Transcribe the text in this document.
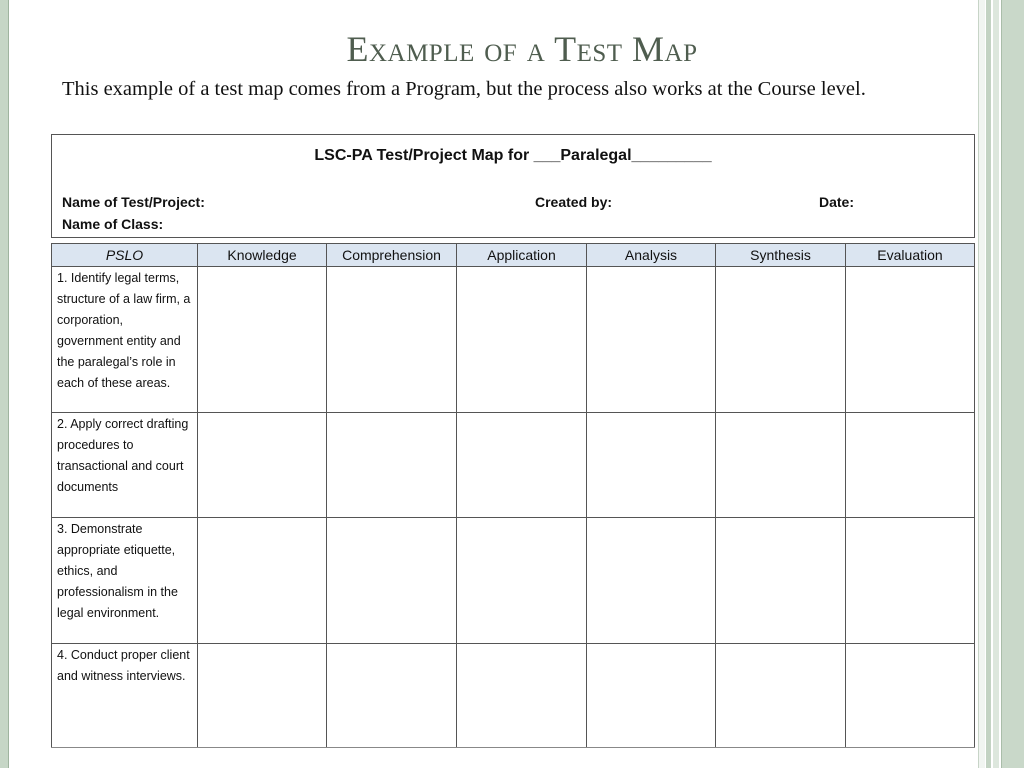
Example of a Test Map
This example of a test map comes from a Program, but the process also works at the Course level.
LSC-PA Test/Project Map for ___Paralegal_________
Name of Test/Project:
Name of Class:
Created by:	Date:
PSLO	Knowledge	Comprehension	Application	Analysis	Synthesis	Evaluation
1. Identify legal terms, structure of a law firm, a corporation, government entity and the paralegal’s role in each of these areas.						
2. Apply correct drafting procedures to transactional and court documents						
3. Demonstrate appropriate etiquette, ethics, and professionalism in the legal environment.						
4. Conduct proper client and witness interviews.						
